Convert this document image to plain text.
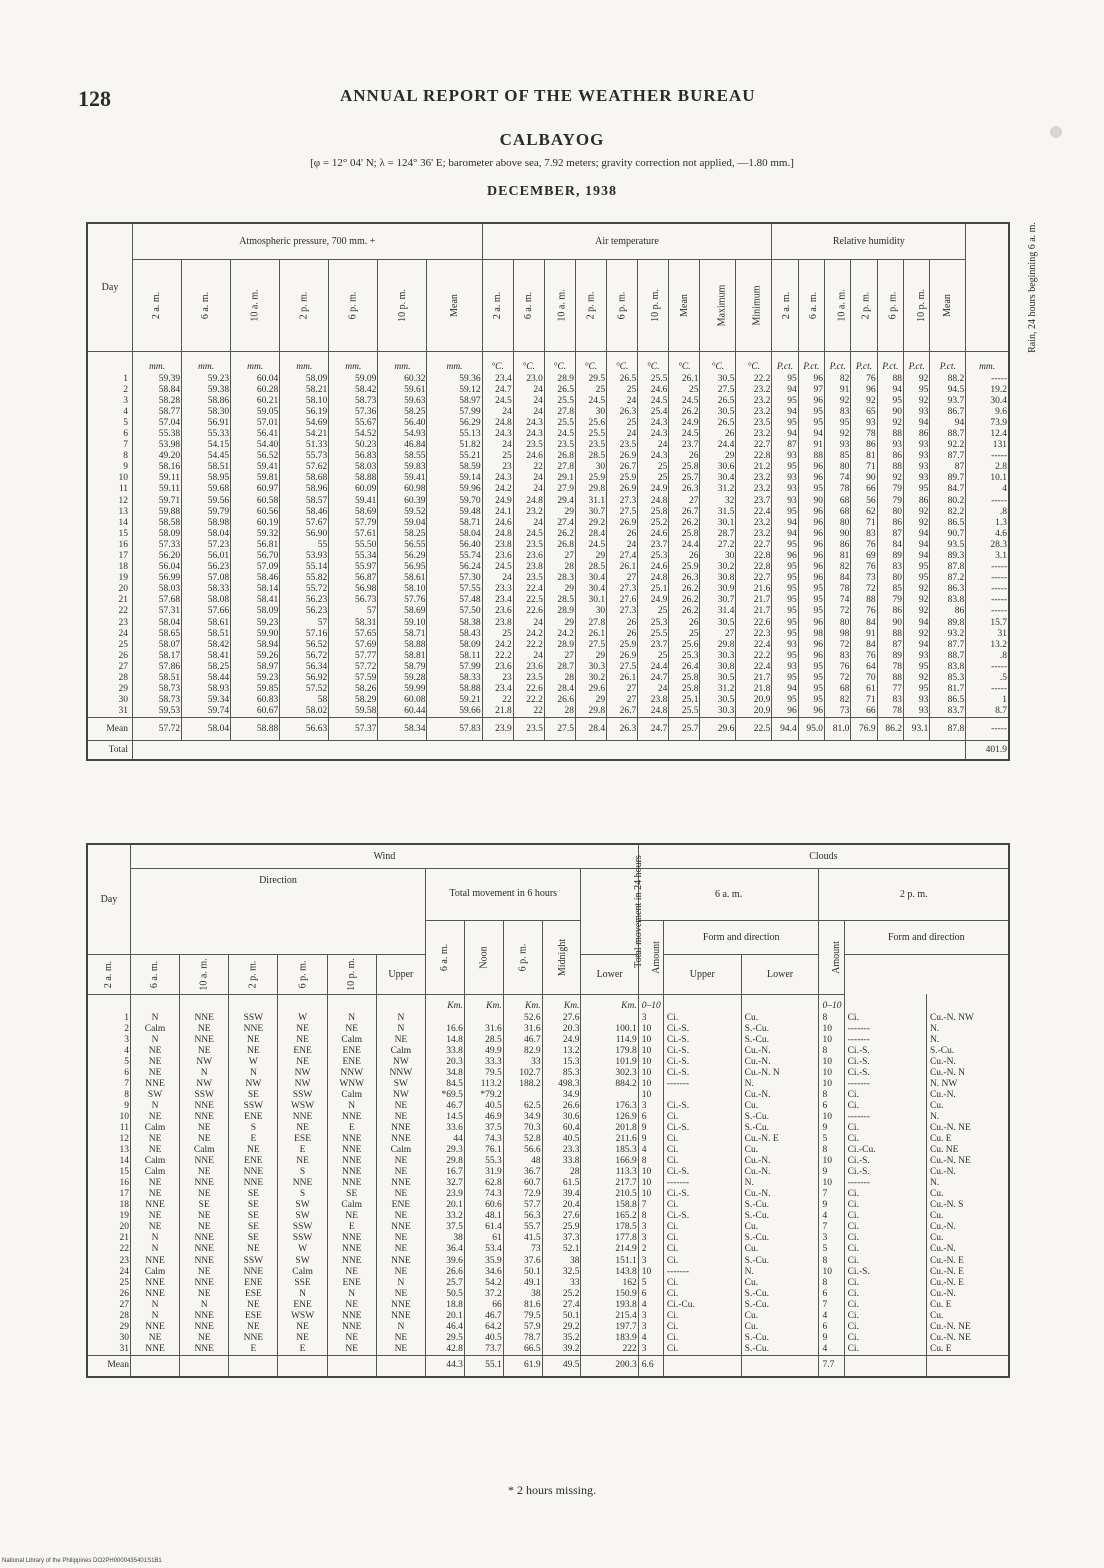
128	ANNUAL REPORT OF THE WEATHER BUREAU
CALBAYOG
[φ = 12° 04' N; λ = 124° 36' E; barometer above sea, 7.92 meters; gravity correction not applied, —1.80 mm.]
DECEMBER, 1938
Day	Atmospheric pressure, 700 mm. +							Air temperature									Relative humidity							Rain, 24 hours beginning 6 a. m.
	2 a. m.	6 a. m.	10 a. m.	2 p. m.	6 p. m.	10 p. m.	Mean	2 a. m.	6 a. m.	10 a. m.	2 p. m.	6 p. m.	10 p. m.	Mean	Maximum	Minimum	2 a. m.	6 a. m.	10 a. m.	2 p. m.	6 p. m.	10 p. m.	Mean	
	mm.	mm.	mm.	mm.	mm.	mm.	mm.	°C.	°C.	°C.	°C.	°C.	°C.	°C.	°C.	°C.	P.ct.	P.ct.	P.ct.	P.ct.	P.ct.	P.ct.	P.ct.	mm.
1	59.39	59.23	60.04	58.09	59.09	60.32	59.36	23.4	23.0	28.9	29.5	26.5	25.5	26.1	30.5	22.2	95	96	82	76	88	92	88.2	-----
2	58.84	59.38	60.28	58.21	58.42	59.61	59.12	24.7	24	26.5	25	25	24.6	25	27.5	23.2	94	97	91	96	94	95	94.5	19.2
3	58.28	58.86	60.21	58.10	58.73	59.63	58.97	24.5	24	25.5	24.5	24	24.5	24.5	26.5	23.2	95	96	92	92	95	92	93.7	30.4
4	58.77	58.30	59.05	56.19	57.36	58.25	57.99	24	24	27.8	30	26.3	25.4	26.2	30.5	23.2	94	95	83	65	90	93	86.7	9.6
5	57.04	56.91	57.01	54.69	55.67	56.40	56.29	24.8	24.3	25.5	25.6	25	24.3	24.9	26.5	23.5	95	95	95	93	92	94	94	73.9
6	55.38	55.33	56.41	54.21	54.52	54.93	55.13	24.3	24.3	24.5	25.5	24	24.3	24.5	26	23.2	94	94	92	78	88	86	88.7	12.4
7	53.98	54.15	54.40	51.33	50.23	46.84	51.82	24	23.5	23.5	23.5	23.5	24	23.7	24.4	22.7	87	91	93	86	93	93	92.2	131
8	49.20	54.45	56.52	55.73	56.83	58.55	55.21	25	24.6	26.8	28.5	26.9	24.3	26	29	22.8	93	88	85	81	86	93	87.7	-----
9	58.16	58.51	59.41	57.62	58.03	59.83	58.59	23	22	27.8	30	26.7	25	25.8	30.6	21.2	95	96	80	71	88	93	87	2.8
10	59.11	58.95	59.81	58.68	58.88	59.41	59.14	24.3	24	29.1	25.9	25.9	25	25.7	30.4	23.2	93	96	74	90	92	93	89.7	10.1
11	59.11	59.68	60.97	58.96	60.09	60.98	59.96	24.2	24	27.9	29.8	26.9	24.9	26.3	31.2	23.2	93	95	78	66	79	95	84.7	4
12	59.71	59.56	60.58	58.57	59.41	60.39	59.70	24.9	24.8	29.4	31.1	27.3	24.8	27	32	23.7	93	90	68	56	79	86	80.2	-----
13	59.88	59.79	60.56	58.46	58.69	59.52	59.48	24.1	23.2	29	30.7	27.5	25.8	26.7	31.5	22.4	95	96	68	62	80	92	82.2	.8
14	58.58	58.98	60.19	57.67	57.79	59.04	58.71	24.6	24	27.4	29.2	26.9	25.2	26.2	30.1	23.2	94	96	80	71	86	92	86.5	1.3
15	58.09	58.04	59.32	56.90	57.61	58.25	58.04	24.8	24.5	26.2	28.4	26	24.6	25.8	28.7	23.2	94	96	90	83	87	94	90.7	4.6
16	57.33	57.23	56.81	55	55.50	56.55	56.40	23.8	23.5	26.8	24.5	24	23.7	24.4	27.2	22.7	95	96	86	76	84	94	93.5	28.3
17	56.20	56.01	56.70	53.93	55.34	56.29	55.74	23.6	23.6	27	29	27.4	25.3	26	30	22.8	96	96	81	69	89	94	89.3	3.1
18	56.04	56.23	57.09	55.14	55.97	56.95	56.24	24.5	23.8	28	28.5	26.1	24.6	25.9	30.2	22.8	95	96	82	76	83	95	87.8	-----
19	56.99	57.08	58.46	55.82	56.87	58.61	57.30	24	23.5	28.3	30.4	27	24.8	26.3	30.8	22.7	95	96	84	73	80	95	87.2	-----
20	58.03	58.33	58.14	55.72	56.98	58.10	57.55	23.3	22.4	29	30.4	27.3	25.1	26.2	30.9	21.6	95	95	78	72	85	92	86.3	-----
21	57.68	58.08	58.41	56.23	56.73	57.76	57.48	23.4	22.5	28.5	30.1	27.6	24.9	26.2	30.7	21.7	95	95	74	88	79	92	83.8	-----
22	57.31	57.66	58.09	56.23	57	58.69	57.50	23.6	22.6	28.9	30	27.3	25	26.2	31.4	21.7	95	95	72	76	86	92	86	-----
23	58.04	58.61	59.23	57	58.31	59.10	58.38	23.8	24	29	27.8	26	25.3	26	30.5	22.6	95	96	80	84	90	94	89.8	15.7
24	58.65	58.51	59.90	57.16	57.65	58.71	58.43	25	24.2	24.2	26.1	26	25.5	25	27	22.3	95	98	98	91	88	92	93.2	31
25	58.07	58.42	58.94	56.52	57.69	58.88	58.09	24.2	22.2	28.9	27.5	25.9	23.7	25.6	29.8	22.4	93	96	72	84	87	94	87.7	13.2
26	58.17	58.41	59.26	56.72	57.77	58.81	58.11	22.2	24	27	29	26.9	25	25.3	30.3	22.2	95	96	83	76	89	93	88.7	.8
27	57.86	58.25	58.97	56.34	57.72	58.79	57.99	23.6	23.6	28.7	30.3	27.5	24.4	26.4	30.8	22.4	93	95	76	64	78	95	83.8	-----
28	58.51	58.44	59.23	56.92	57.59	59.28	58.33	23	23.5	28	30.2	26.1	24.7	25.8	30.5	21.7	95	95	72	70	88	92	85.3	.5
29	58.73	58.93	59.85	57.52	58.26	59.99	58.88	23.4	22.6	28.4	29.6	27	24	25.8	31.2	21.8	94	95	68	61	77	95	81.7	-----
30	58.73	59.34	60.83	58	58.29	60.08	59.21	22	22.2	26.6	29	27	23.8	25.1	30.5	20.9	95	95	82	71	83	93	86.5	1
31	59.53	59.74	60.67	58.02	59.58	60.44	59.66	21.8	22	28	29.8	26.7	24.8	25.5	30.3	20.9	96	96	73	66	78	93	83.7	8.7
Mean	57.72	58.04	58.88	56.63	57.37	58.34	57.83	23.9	23.5	27.5	28.4	26.3	24.7	25.7	29.6	22.5	94.4	95.0	81.0	76.9	86.2	93.1	87.8	-----
Total																								401.9
Day	Wind											Clouds					
	Direction						Total movement in 6 hours				Total movement in 24 hours	6 a. m.			2 p. m.		
							6 a. m.	Noon	6 p. m.	Midnight		Amount	Form and direction		Amount	Form and direction	
2 a. m.	6 a. m.	10 a. m.	2 p. m.	6 p. m.	10 p. m.	Upper					Lower		Upper	Lower			
							Km.	Km.	Km.	Km.	Km.	0–10			0–10		
1	N	NNE	SSW	W	N	N			52.6	27.6		3	Ci.	Cu.	8	Ci.	Cu.-N. NW
2	Calm	NE	NNE	NE	NE	N	16.6	31.6	31.6	20.3	100.1	10	Ci.-S.	S.-Cu.	10	-------	N.
3	N	NNE	NE	NE	Calm	NE	14.8	28.5	46.7	24.9	114.9	10	Ci.-S.	S.-Cu.	10	-------	N.
4	NE	NE	NE	ENE	ENE	Calm	33.8	49.9	82.9	13.2	179.8	10	Ci.-S.	Cu.-N.	8	Ci.-S.	S.-Cu.
5	NE	NW	W	NE	ENE	NW	20.3	33.3	33	15.3	101.9	10	Ci.-S.	Cu.-N.	10	Ci.-S.	Cu.-N.
6	NE	N	N	NW	NNW	NNW	34.8	79.5	102.7	85.3	302.3	10	Ci.-S.	Cu.-N. N	10	Ci.-S.	Cu.-N. N
7	NNE	NW	NW	NW	WNW	SW	84.5	113.2	188.2	498.3	884.2	10	-------	N.	10	-------	N. NW
8	SW	SSW	SE	SSW	Calm	NW	*69.5	*79.2		34.9		10		Cu.-N.	8	Ci.	Cu.-N.
9	N	NNE	SSW	WSW	N	NE	46.7	40.5	62.5	26.6	176.3	3	Ci.-S.	Cu.	6	Ci.	Cu.
10	NE	NNE	ENE	NNE	NNE	NE	14.5	46.9	34.9	30.6	126.9	6	Ci.	S.-Cu.	10	-------	N.
11	Calm	NE	S	NE	E	NNE	33.6	37.5	70.3	60.4	201.8	9	Ci.-S.	S.-Cu.	9	Ci.	Cu.-N. NE
12	NE	NE	E	ESE	NNE	NNE	44	74.3	52.8	40.5	211.6	9	Ci.	Cu.-N. E	5	Ci.	Cu. E
13	NE	Calm	NE	E	NNE	Calm	29.3	76.1	56.6	23.3	185.3	4	Ci.	Cu.	8	Ci.-Cu.	Cu. NE
14	Calm	NNE	ENE	NE	NNE	NE	29.8	55.3	48	33.8	166.9	8	Ci.	Cu.-N.	10	Ci.-S.	Cu.-N. NE
15	Calm	NE	NNE	S	NNE	NE	16.7	31.9	36.7	28	113.3	10	Ci.-S.	Cu.-N.	9	Ci.-S.	Cu.-N.
16	NE	NNE	NNE	NNE	NNE	NNE	32.7	62.8	60.7	61.5	217.7	10	-------	N.	10	-------	N.
17	NE	NE	SE	S	SE	NE	23.9	74.3	72.9	39.4	210.5	10	Ci.-S.	Cu.-N.	7	Ci.	Cu.
18	NNE	SE	SE	SW	Calm	ENE	20.1	60.6	57.7	20.4	158.8	7	Ci.	S.-Cu.	9	Ci.	Cu.-N. S
19	NE	NE	SE	SW	NE	NE	33.2	48.1	56.3	27.6	165.2	8	Ci.-S.	S.-Cu.	4	Ci.	Cu.
20	NE	NE	SE	SSW	E	NNE	37.5	61.4	55.7	25.9	178.5	3	Ci.	Cu.	7	Ci.	Cu.-N.
21	N	NNE	SE	SSW	NNE	NE	38	61	41.5	37.3	177.8	3	Ci.	S.-Cu.	3	Ci.	Cu.
22	N	NNE	NE	W	NNE	NE	36.4	53.4	73	52.1	214.9	2	Ci.	Cu.	5	Ci.	Cu.-N.
23	NNE	NNE	SSW	SW	NNE	NNE	39.6	35.9	37.6	38	151.1	3	Ci.	S.-Cu.	8	Ci.	Cu.-N. E
24	Calm	NE	NNE	Calm	NE	NE	26.6	34.6	50.1	32.5	143.8	10	-------	N.	10	Ci.-S.	Cu.-N. E
25	NNE	NNE	ENE	SSE	ENE	N	25.7	54.2	49.1	33	162	5	Ci.	Cu.	8	Ci.	Cu.-N. E
26	NNE	NE	ESE	N	N	NE	50.5	37.2	38	25.2	150.9	6	Ci.	S.-Cu.	6	Ci.	Cu.-N.
27	N	N	NE	ENE	NE	NNE	18.8	66	81.6	27.4	193.8	4	Ci.-Cu.	S.-Cu.	7	Ci.	Cu. E
28	N	NNE	ESE	WSW	NNE	NNE	20.1	46.7	79.5	50.1	215.4	3	Ci.	Cu.	4	Ci.	Cu.
29	NNE	NNE	NE	NE	NNE	N	46.4	64.2	57.9	29.2	197.7	3	Ci.	Cu.	6	Ci.	Cu.-N. NE
30	NE	NE	NNE	NE	NE	NE	29.5	40.5	78.7	35.2	183.9	4	Ci.	S.-Cu.	9	Ci.	Cu.-N. NE
31	NNE	NNE	E	E	NE	NE	42.8	73.7	66.5	39.2	222	3	Ci.	S.-Cu.	4	Ci.	Cu. E
Mean							44.3	55.1	61.9	49.5	200.3	6.6			7.7		
* 2 hours missing.
National Library of the Philippines DO2PH0000435401S1B1
